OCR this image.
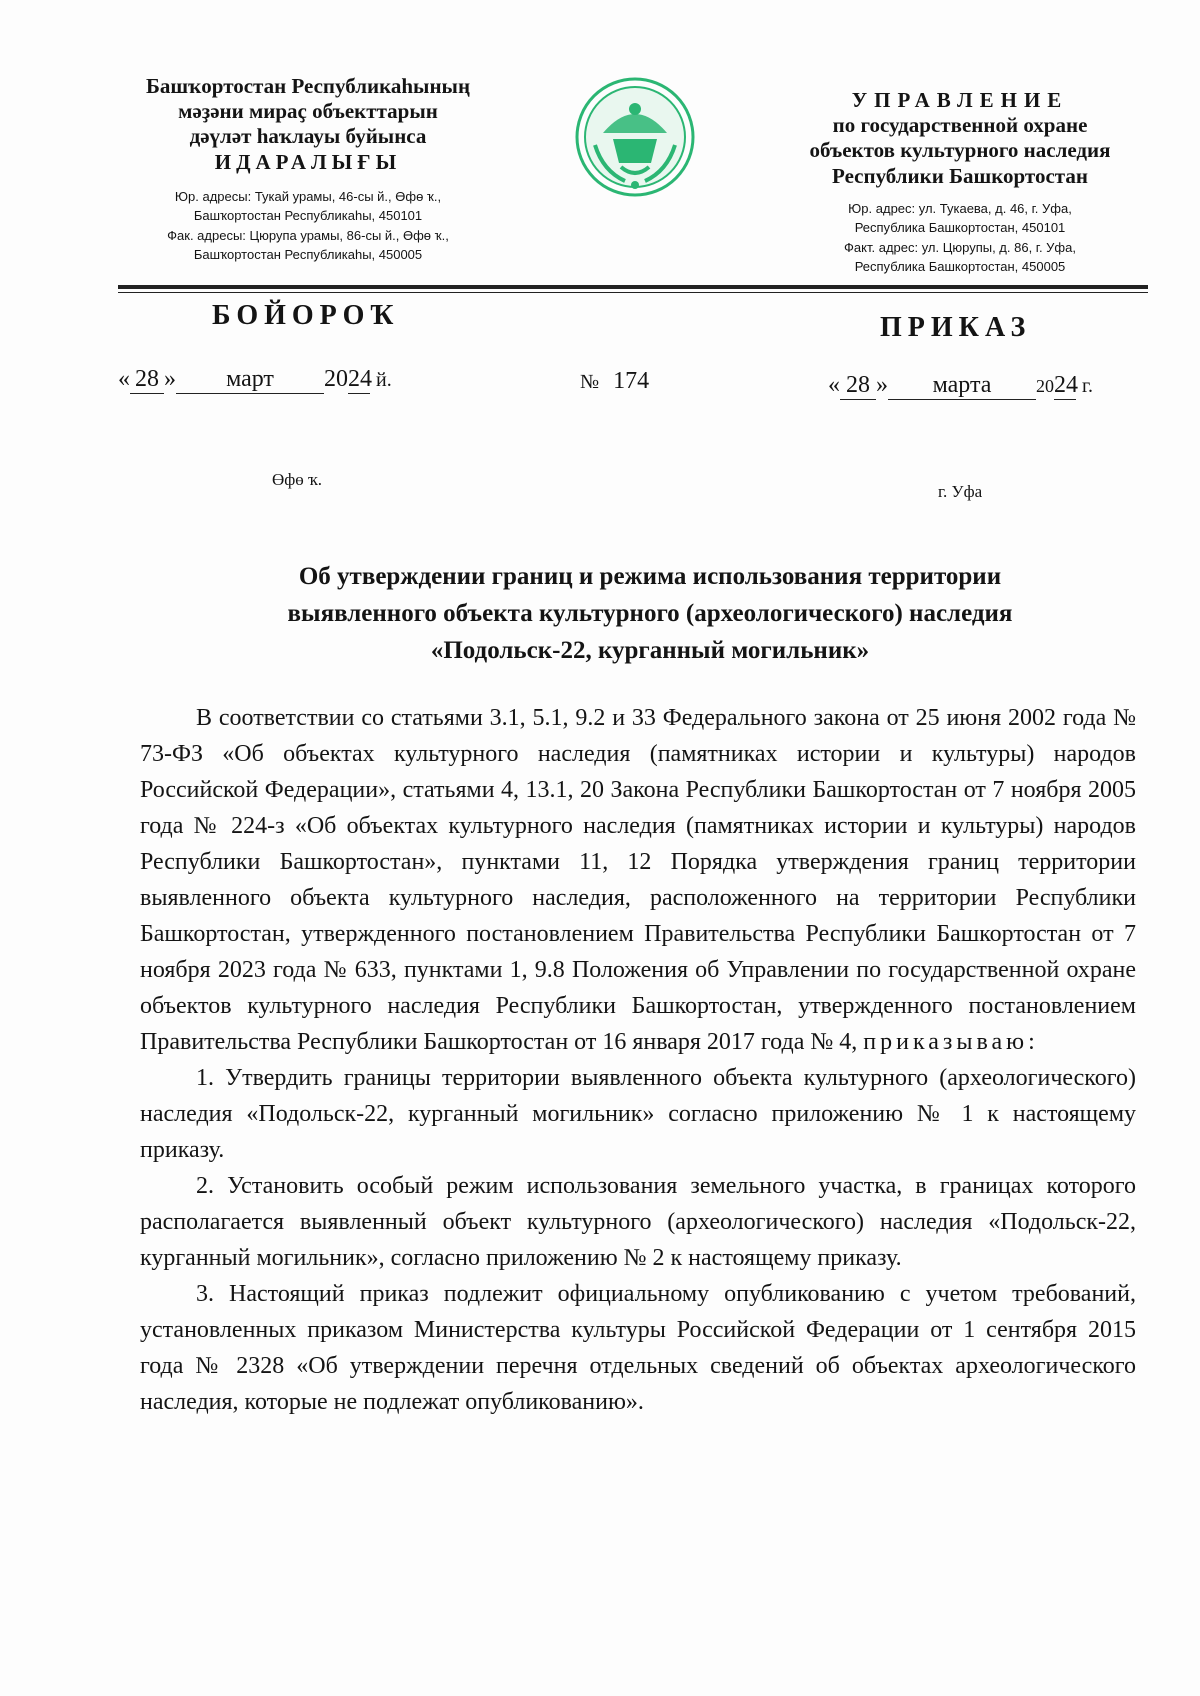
Башҡортостан Республикаһының
мәҙәни мираҫ объекттарын
дәүләт һаҡлауы буйынса
ИДАРАЛЫҒЫ
Юр. адресы: Тукай урамы, 46-сы й., Өфө ҡ.,
Башҡортостан Республикаһы, 450101
Фак. адресы: Цюрупа урамы, 86-сы й., Өфө ҡ.,
Башҡортостан Республикаһы, 450005
УПРАВЛЕНИЕ
по государственной охране
объектов культурного наследия
Республики Башкортостан
Юр. адрес: ул. Тукаева, д. 46, г. Уфа,
Республика Башкортостан, 450101
Факт. адрес: ул. Цюрупы, д. 86, г. Уфа,
Республика Башкортостан, 450005
БОЙОРОҠ	ПРИКАЗ
« 28 » март 2024 й.	№ 174	« 28 » марта 2024 г.
Өфө ҡ.
г. Уфа
Об утверждении границ и режима использования территории
выявленного объекта культурного (археологического) наследия
«Подольск-22, курганный могильник»

В соответствии со статьями 3.1, 5.1, 9.2 и 33 Федерального закона от 25 июня 2002 года № 73-ФЗ «Об объектах культурного наследия (памятниках истории и культуры) народов Российской Федерации», статьями 4, 13.1, 20 Закона Республики Башкортостан от 7 ноября 2005 года № 224-з «Об объектах культурного наследия (памятниках истории и культуры) народов Республики Башкортостан», пунктами 11, 12 Порядка утверждения границ территории выявленного объекта культурного наследия, расположенного на территории Республики Башкортостан, утвержденного постановлением Правительства Республики Башкортостан от 7 ноября 2023 года № 633, пунктами 1, 9.8 Положения об Управлении по государственной охране объектов культурного наследия Республики Башкортостан, утвержденного постановлением Правительства Республики Башкортостан от 16 января 2017 года № 4, приказываю:

1. Утвердить границы территории выявленного объекта культурного (археологического) наследия «Подольск-22, курганный могильник» согласно приложению № 1 к настоящему приказу.

2. Установить особый режим использования земельного участка, в границах которого располагается выявленный объект культурного (археологического) наследия «Подольск-22, курганный могильник», согласно приложению № 2 к настоящему приказу.

3. Настоящий приказ подлежит официальному опубликованию с учетом требований, установленных приказом Министерства культуры Российской Федерации от 1 сентября 2015 года № 2328 «Об утверждении перечня отдельных сведений об объектах археологического наследия, которые не подлежат опубликованию».
